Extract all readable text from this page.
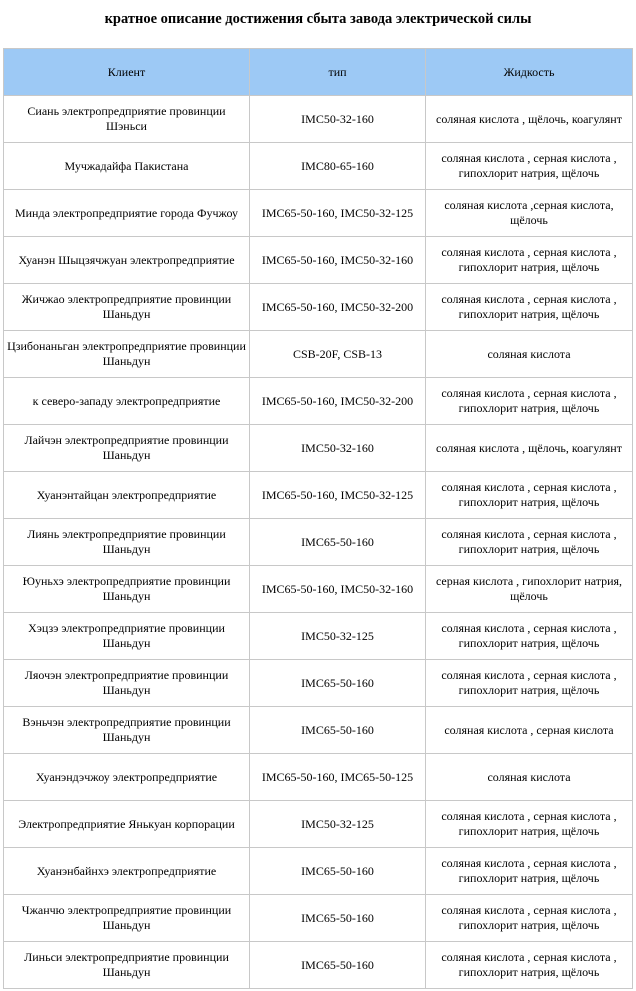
кратное описание достижения сбыта завода электрической силы
Клиент	тип	Жидкость
Сиань электропредприятие провинции Шэньси	IMC50-32-160	соляная кислота , щёлочь, коагулянт
Мучжадайфа Пакистана	IMC80-65-160	соляная кислота , серная кислота , гипохлорит натрия, щёлочь
Минда электропредприятие города Фучжоу	IMC65-50-160, IMC50-32-125	соляная кислота ,серная кислота, щёлочь
Хуанэн Шыцзячжуан электропредприятие	IMC65-50-160, IMC50-32-160	соляная кислота , серная кислота , гипохлорит натрия, щёлочь
Жичжао электропредприятие провинции Шаньдун	IMC65-50-160, IMC50-32-200	соляная кислота , серная кислота , гипохлорит натрия, щёлочь
Цзибонаньган электропредприятие провинции Шаньдун	CSB-20F, CSB-13	соляная кислота
к северо-западу электропредприятие	IMC65-50-160, IMC50-32-200	соляная кислота , серная кислота , гипохлорит натрия, щёлочь
Лайчэн электропредприятие провинции Шаньдун	IMC50-32-160	соляная кислота , щёлочь, коагулянт
Хуанэнтайцан электропредприятие	IMC65-50-160, IMC50-32-125	соляная кислота , серная кислота , гипохлорит натрия, щёлочь
Лиянь электропредприятие провинции Шаньдун	IMC65-50-160	соляная кислота , серная кислота , гипохлорит натрия, щёлочь
Юуньхэ электропредприятие провинции Шаньдун	IMC65-50-160, IMC50-32-160	серная кислота , гипохлорит натрия, щёлочь
Хэцзэ электропредприятие провинции Шаньдун	IMC50-32-125	соляная кислота , серная кислота , гипохлорит натрия, щёлочь
Ляочэн электропредприятие провинции Шаньдун	IMC65-50-160	соляная кислота , серная кислота , гипохлорит натрия, щёлочь
Вэньчэн электропредприятие провинции Шаньдун	IMC65-50-160	соляная кислота , серная кислота
Хуанэндэчжоу электропредприятие	IMC65-50-160, IMC65-50-125	соляная кислота
Электропредприятие Янькуан корпорации	IMC50-32-125	соляная кислота , серная кислота , гипохлорит натрия, щёлочь
Хуанэнбайнхэ электропредприятие	IMC65-50-160	соляная кислота , серная кислота , гипохлорит натрия, щёлочь
Чжанчю электропредприятие провинции Шаньдун	IMC65-50-160	соляная кислота , серная кислота , гипохлорит натрия, щёлочь
Линьси электропредприятие провинции Шаньдун	IMC65-50-160	соляная кислота , серная кислота , гипохлорит натрия, щёлочь
